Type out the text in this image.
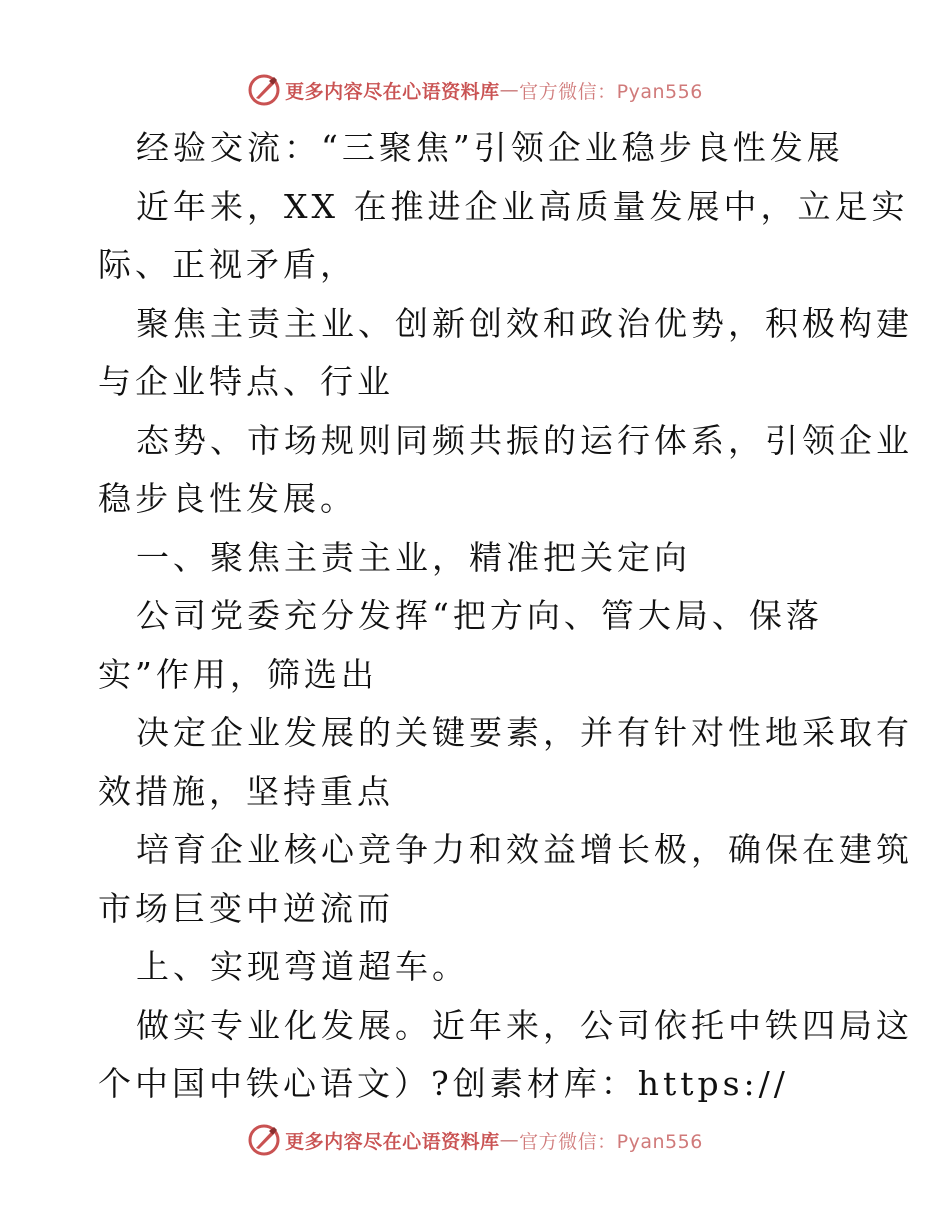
更多内容尽在心语资料库 — 官方微信：Pyan556
经验交流：“三聚焦”引领企业稳步良性发展
近年来，XX 在推进企业高质量发展中，立足实
际、正视矛盾，
聚焦主责主业、创新创效和政治优势，积极构建
与企业特点、行业
态势、市场规则同频共振的运行体系，引领企业
稳步良性发展。
一、聚焦主责主业，精准把关定向
公司党委充分发挥“把方向、管大局、保落
实”作用，筛选出
决定企业发展的关键要素，并有针对性地采取有
效措施，坚持重点
培育企业核心竞争力和效益增长极，确保在建筑
市场巨变中逆流而
上、实现弯道超车。
做实专业化发展。近年来，公司依托中铁四局这
个中国中铁心语文）?创素材库：https://
更多内容尽在心语资料库 — 官方微信：Pyan556
